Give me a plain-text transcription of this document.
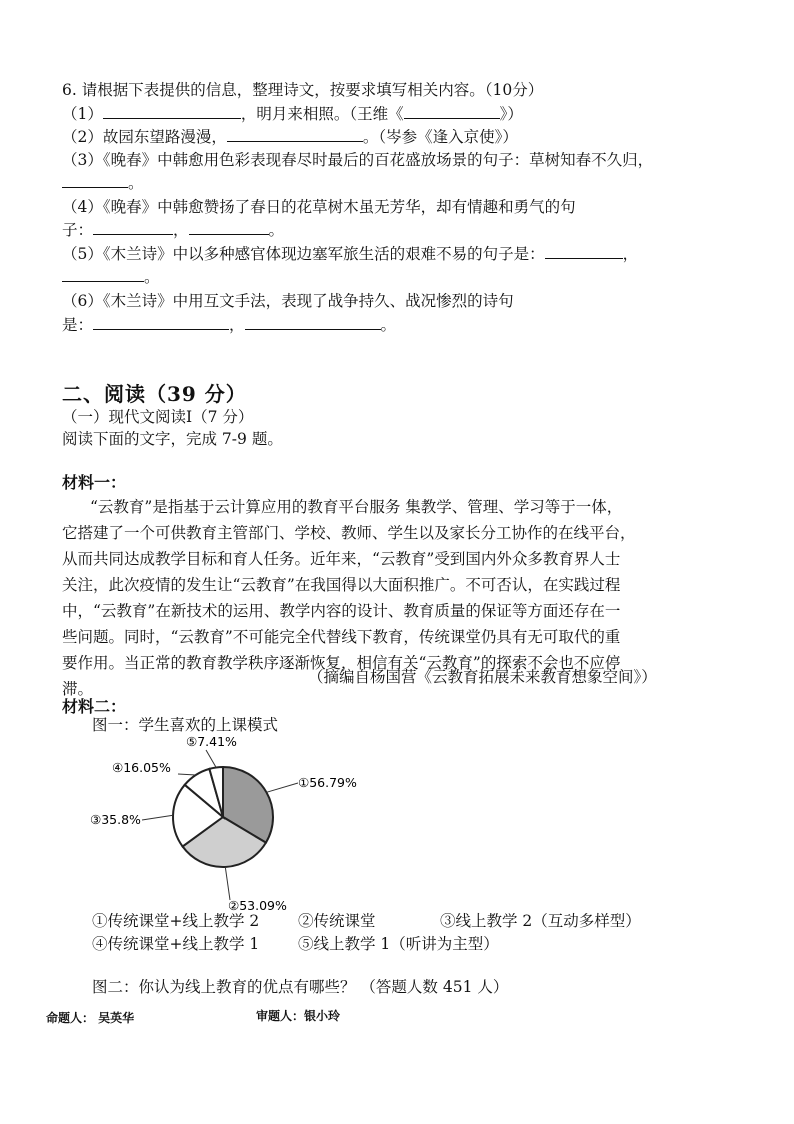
6. 请根据下表提供的信息，整理诗文，按要求填写相关内容。（10分）
（1）	，明月来相照。（王维《	》）
（2）故园东望路漫漫，	。（岑参《逢入京使》）
（3）《晚春》中韩愈用色彩表现春尽时最后的百花盛放场景的句子：草树知春不久归，
。
（4）《晚春》中韩愈赞扬了春日的花草树木虽无芳华，却有情趣和勇气的句
子：	，	。
（5）《木兰诗》中以多种感官体现边塞军旅生活的艰难不易的句子是：	，
。
（6）《木兰诗》中用互文手法，表现了战争持久、战况惨烈的诗句
是：	，	。
二、阅读（39 分）
（一）现代文阅读Ⅰ（7 分）
阅读下面的文字，完成 7-9 题。
材料一：
“云教育”是指基于云计算应用的教育平台服务 集教学、管理、学习等于一体，
它搭建了一个可供教育主管部门、学校、教师、学生以及家长分工协作的在线平台，
从而共同达成教学目标和育人任务。近年来，“云教育”受到国内外众多教育界人士
关注，此次疫情的发生让“云教育”在我国得以大面积推广。不可否认，在实践过程
中，“云教育”在新技术的运用、教学内容的设计、教育质量的保证等方面还存在一
些问题。同时，“云教育”不可能完全代替线下教育，传统课堂仍具有无可取代的重
要作用。当正常的教育教学秩序逐渐恢复，相信有关“云教育”的探索不会也不应停
滞。
（摘编自杨国营《云教育拓展未来教育想象空间》）
材料二：
图一：学生喜欢的上课模式
①56.79%
②53.09%
③35.8%
④16.05%
⑤7.41%
①传统课堂+线上教学 2 ②传统课堂	③线上教学 2（互动多样型）
④传统课堂+线上教学 1 ⑤线上教学 1（听讲为主型）
图二：你认为线上教育的优点有哪些？ （答题人数 451 人）
命题人： 吴英华	审题人：银小玲
